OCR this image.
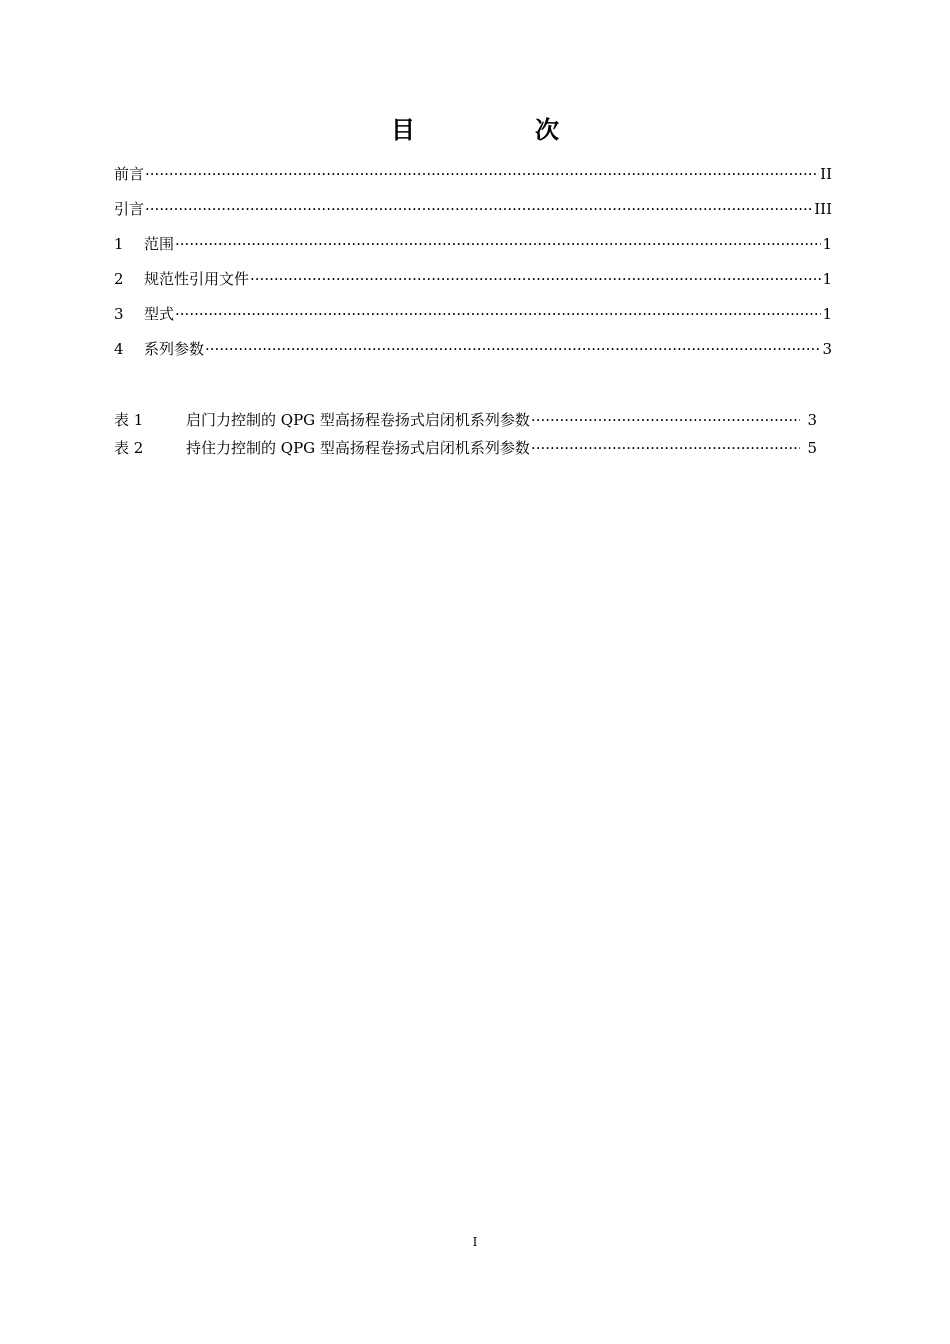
目　次
前言 ·····	II
引言 ·····	III
1	范围 ·····	1
2	规范性引用文件 ·····	1
3	型式 ·····	1
4	系列参数 ·····	3
表 1	启门力控制的 QPG 型高扬程卷扬式启闭机系列参数 ·····	3
表 2	持住力控制的 QPG 型高扬程卷扬式启闭机系列参数 ·····	5
I
